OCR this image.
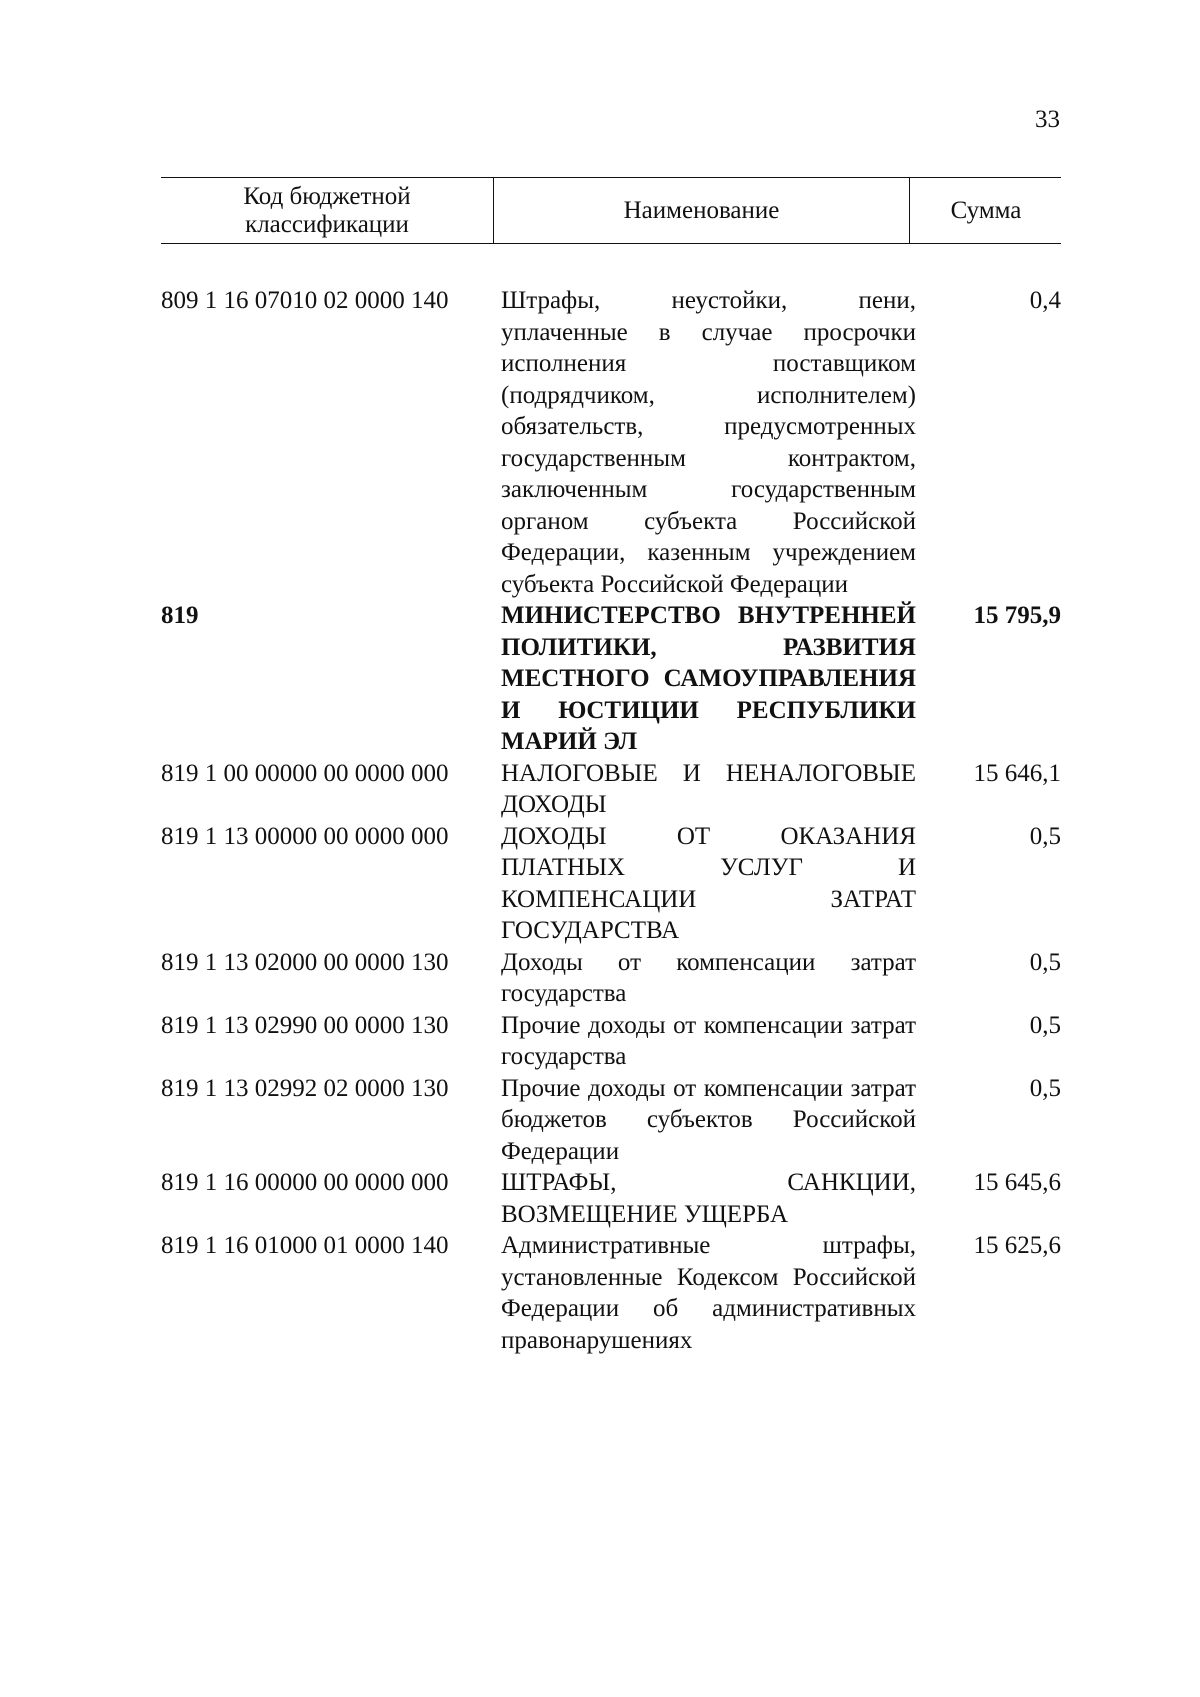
33
Код бюджетной классификации
Наименование	Сумма
809 1 16 07010 02 0000 140	Штрафы, неустойки, пени, уплаченные в случае просрочки исполнения поставщиком (подрядчиком, исполнителем) обязательств, предусмотренных государственным контрактом, заключенным государственным органом субъекта Российской Федерации, казенным учреждением субъекта Российской Федерации
0,4
819	МИНИСТЕРСТВО ВНУТРЕННЕЙ ПОЛИТИКИ, РАЗВИТИЯ МЕСТНОГО САМОУПРАВЛЕНИЯ И ЮСТИЦИИ РЕСПУБЛИКИ МАРИЙ ЭЛ
15 795,9
819 1 00 00000 00 0000 000	НАЛОГОВЫЕ И НЕНАЛОГОВЫЕ ДОХОДЫ
15 646,1
819 1 13 00000 00 0000 000	ДОХОДЫ ОТ ОКАЗАНИЯ ПЛАТНЫХ УСЛУГ И КОМПЕНСАЦИИ ЗАТРАТ ГОСУДАРСТВА
0,5
819 1 13 02000 00 0000 130	Доходы от компенсации затрат государства
0,5
819 1 13 02990 00 0000 130	Прочие доходы от компенсации затрат государства
0,5
819 1 13 02992 02 0000 130	Прочие доходы от компенсации затрат бюджетов субъектов Российской Федерации
0,5
819 1 16 00000 00 0000 000	ШТРАФЫ, САНКЦИИ, ВОЗМЕЩЕНИЕ УЩЕРБА
15 645,6
819 1 16 01000 01 0000 140	Административные штрафы, установленные Кодексом Российской Федерации об административных правонарушениях
15 625,6
